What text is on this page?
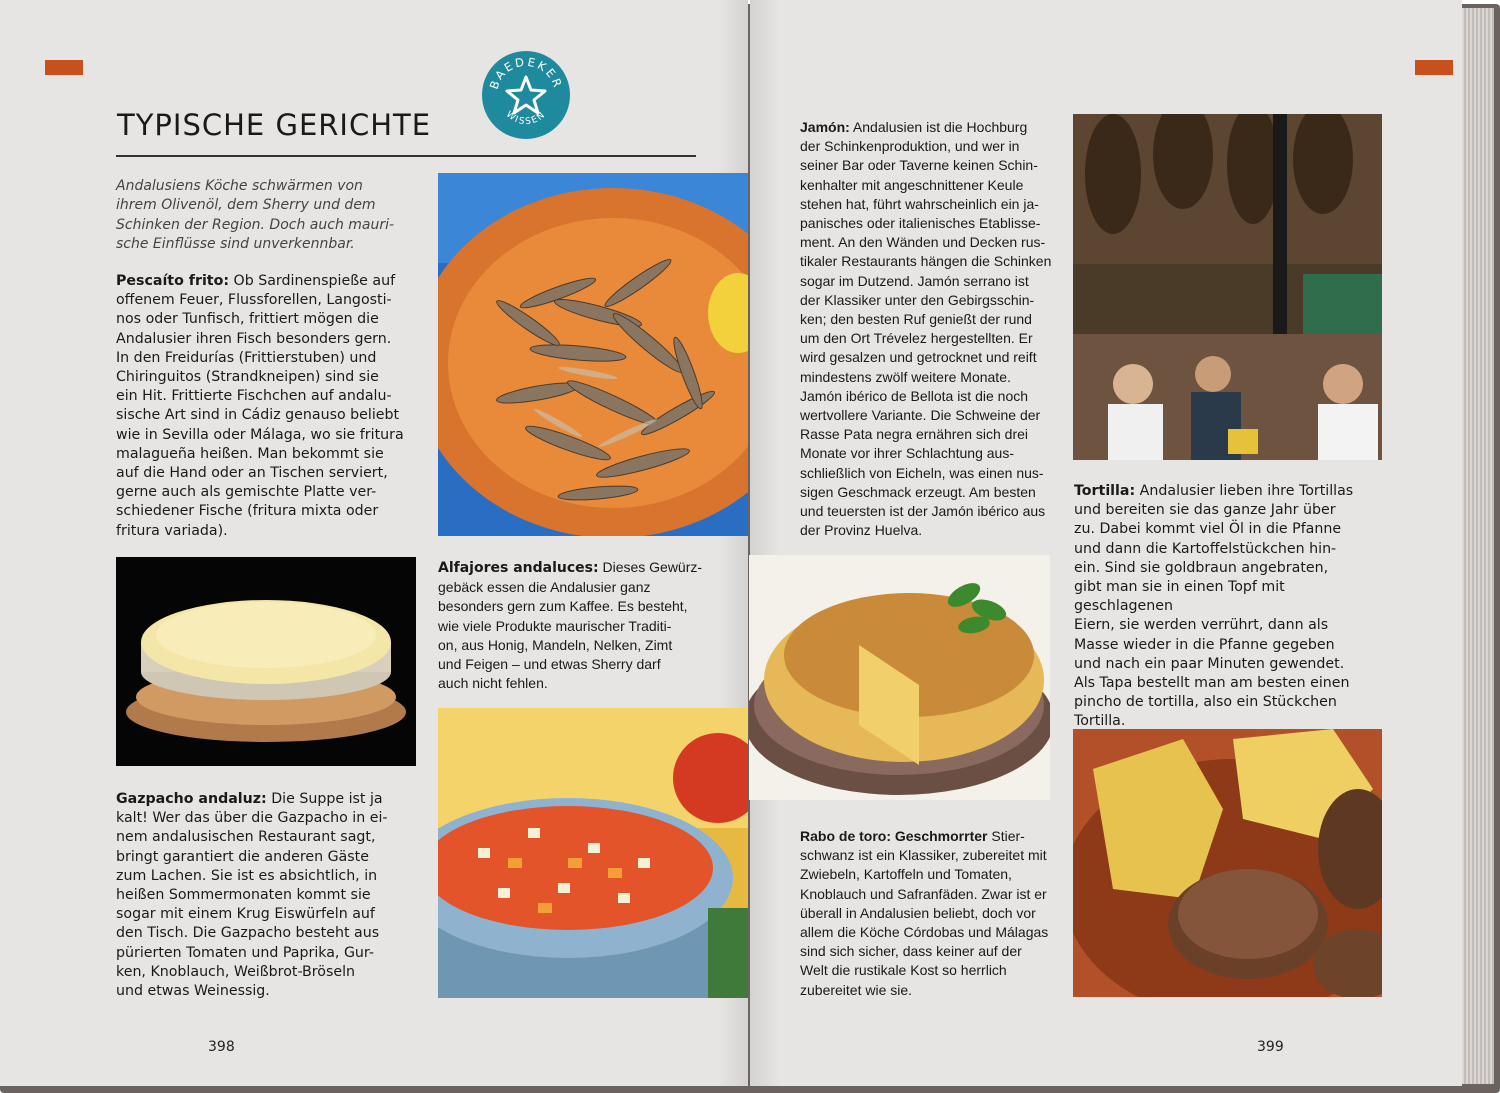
TYPISCHE GERICHTE
BAEDEKER
WISSEN
Andalusiens Köche schwärmen von
ihrem Olivenöl, dem Sherry und dem
Schinken der Region. Doch auch mauri-
sche Einflüsse sind unverkennbar.
Pescaíto frito: Ob Sardinenspieße auf
offenem Feuer, Flussforellen, Langosti-
nos oder Tunfisch, frittiert mögen die
Andalusier ihren Fisch besonders gern.
In den Freidurías (Frittierstuben) und
Chiringuitos (Strandkneipen) sind sie
ein Hit. Frittierte Fischchen auf andalu-
sische Art sind in Cádiz genauso beliebt
wie in Sevilla oder Málaga, wo sie fritura
malagueña heißen. Man bekommt sie
auf die Hand oder an Tischen serviert,
gerne auch als gemischte Platte ver-
schiedener Fische (fritura mixta oder
fritura variada).
Alfajores andaluces: Dieses Gewürz-
gebäck essen die Andalusier ganz
besonders gern zum Kaffee. Es besteht,
wie viele Produkte maurischer Traditi-
on, aus Honig, Mandeln, Nelken, Zimt
und Feigen – und etwas Sherry darf
auch nicht fehlen.
Gazpacho andaluz: Die Suppe ist ja
kalt! Wer das über die Gazpacho in ei-
nem andalusischen Restaurant sagt,
bringt garantiert die anderen Gäste
zum Lachen. Sie ist es absichtlich, in
heißen Sommermonaten kommt sie
sogar mit einem Krug Eiswürfeln auf
den Tisch. Die Gazpacho besteht aus
pürierten Tomaten und Paprika, Gur-
ken, Knoblauch, Weißbrot-Bröseln
und etwas Weinessig.
398
Jamón: Andalusien ist die Hochburg
der Schinkenproduktion, und wer in
seiner Bar oder Taverne keinen Schin-
kenhalter mit angeschnittener Keule
stehen hat, führt wahrscheinlich ein ja-
panisches oder italienisches Etablisse-
ment. An den Wänden und Decken rus-
tikaler Restaurants hängen die Schinken
sogar im Dutzend. Jamón serrano ist
der Klassiker unter den Gebirgsschin-
ken; den besten Ruf genießt der rund
um den Ort Trévelez hergestellten. Er
wird gesalzen und getrocknet und reift
mindestens zwölf weitere Monate.
Jamón ibérico de Bellota ist die noch
wertvollere Variante. Die Schweine der
Rasse Pata negra ernähren sich drei
Monate vor ihrer Schlachtung aus-
schließlich von Eicheln, was einen nus-
sigen Geschmack erzeugt. Am besten
und teuersten ist der Jamón ibérico aus
der Provinz Huelva.
Tortilla: Andalusier lieben ihre Tortillas
und bereiten sie das ganze Jahr über
zu. Dabei kommt viel Öl in die Pfanne
und dann die Kartoffelstückchen hin-
ein. Sind sie goldbraun angebraten,
gibt man sie in einen Topf mit geschlagenen
Eiern, sie werden verrührt, dann als
Masse wieder in die Pfanne gegeben
und nach ein paar Minuten gewendet.
Als Tapa bestellt man am besten einen
pincho de tortilla, also ein Stückchen
Tortilla.
Rabo de toro: Geschmorrter Stier-
schwanz ist ein Klassiker, zubereitet mit
Zwiebeln, Kartoffeln und Tomaten,
Knoblauch und Safranfäden. Zwar ist er
überall in Andalusien beliebt, doch vor
allem die Köche Córdobas und Málagas
sind sich sicher, dass keiner auf der
Welt die rustikale Kost so herrlich
zubereitet wie sie.
399
